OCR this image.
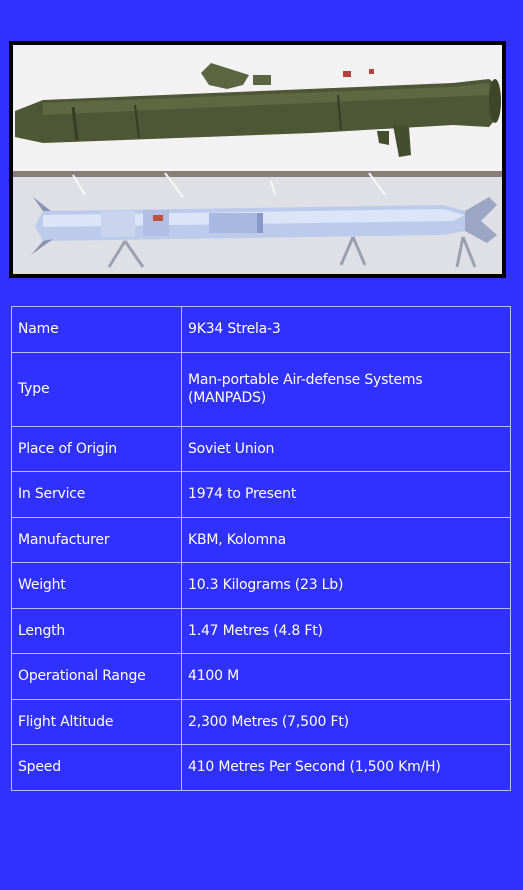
Name	9K34 Strela-3
Type	Man-portable Air-defense Systems (MANPADS)
Place of Origin	Soviet Union
In Service	1974 to Present
Manufacturer	KBM, Kolomna
Weight	10.3 Kilograms (23 Lb)
Length	1.47 Metres (4.8 Ft)
Operational Range	4100 M
Flight Altitude	2,300 Metres (7,500 Ft)
Speed	410 Metres Per Second (1,500 Km/H)
